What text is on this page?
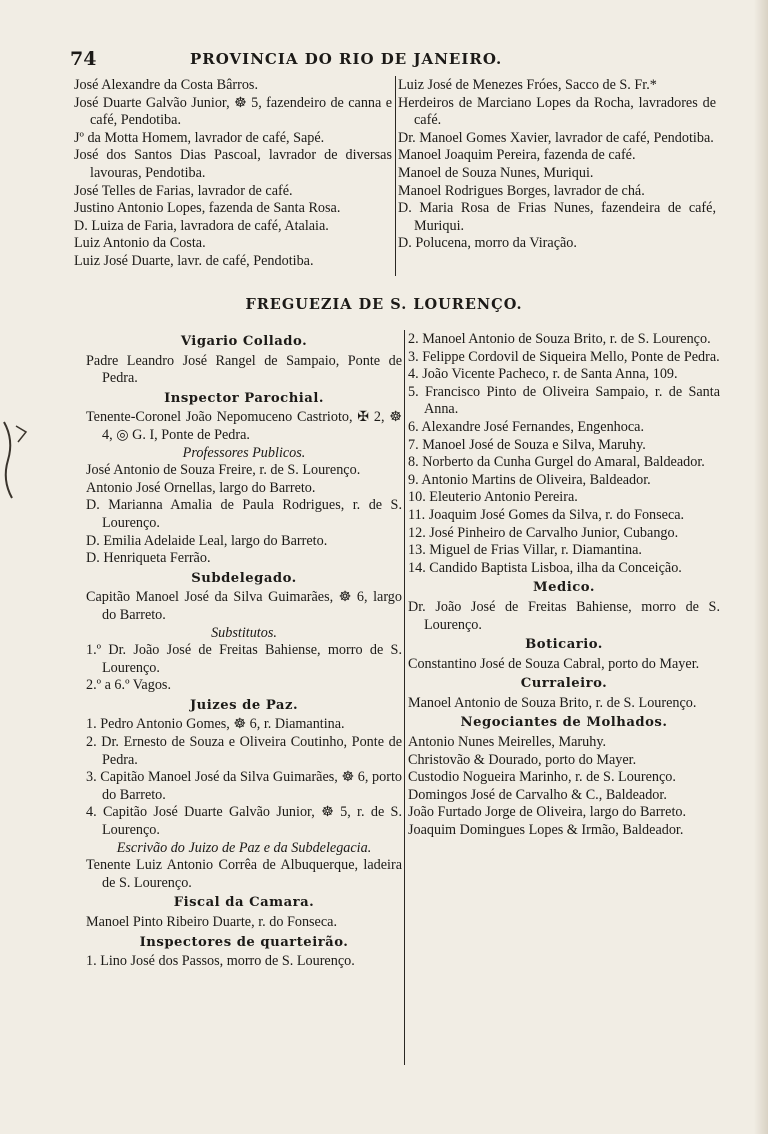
74	PROVINCIA DO RIO DE JANEIRO.

José Alexandre da Costa Bârros.

José Duarte Galvão Junior, ☸ 5, fazendeiro de canna e café, Pendotiba.

Jº da Motta Homem, lavrador de café, Sapé.

José dos Santos Dias Pascoal, lavrador de diversas lavouras, Pendotiba.

José Telles de Farias, lavrador de café.

Justino Antonio Lopes, fazenda de Santa Rosa.

D. Luiza de Faria, lavradora de café, Atalaia.

Luiz Antonio da Costa.

Luiz José Duarte, lavr. de café, Pendotiba.

Luiz José de Menezes Fróes, Sacco de S. Fr.*

Herdeiros de Marciano Lopes da Rocha, lavradores de café.

Dr. Manoel Gomes Xavier, lavrador de café, Pendotiba.

Manoel Joaquim Pereira, fazenda de café.

Manoel de Souza Nunes, Muriqui.

Manoel Rodrigues Borges, lavrador de chá.

D. Maria Rosa de Frias Nunes, fazendeira de café, Muriqui.

D. Polucena, morro da Viração.

FREGUEZIA DE S. LOURENÇO.

Vigario Collado.

Padre Leandro José Rangel de Sampaio, Ponte de Pedra.

Inspector Parochial.

Tenente-Coronel João Nepomuceno Castrioto, ✠ 2, ☸ 4, ◎ G. I, Ponte de Pedra.

Professores Publicos.

José Antonio de Souza Freire, r. de S. Lourenço.

Antonio José Ornellas, largo do Barreto.

D. Marianna Amalia de Paula Rodrigues, r. de S. Lourenço.

D. Emilia Adelaide Leal, largo do Barreto.

D. Henriqueta Ferrão.

Subdelegado.

Capitão Manoel José da Silva Guimarães, ☸ 6, largo do Barreto.

Substitutos.

1.º Dr. João José de Freitas Bahiense, morro de S. Lourenço.

2.º a 6.º Vagos.

Juizes de Paz.

1. Pedro Antonio Gomes, ☸ 6, r. Diamantina.

2. Dr. Ernesto de Souza e Oliveira Coutinho, Ponte de Pedra.

3. Capitão Manoel José da Silva Guimarães, ☸ 6, porto do Barreto.

4. Capitão José Duarte Galvão Junior, ☸ 5, r. de S. Lourenço.

Escrivão do Juizo de Paz e da Subdelegacia.

Tenente Luiz Antonio Corrêa de Albuquerque, ladeira de S. Lourenço.

Fiscal da Camara.

Manoel Pinto Ribeiro Duarte, r. do Fonseca.

Inspectores de quarteirão.

1. Lino José dos Passos, morro de S. Lourenço.

2. Manoel Antonio de Souza Brito, r. de S. Lourenço.

3. Felippe Cordovil de Siqueira Mello, Ponte de Pedra.

4. João Vicente Pacheco, r. de Santa Anna, 109.

5. Francisco Pinto de Oliveira Sampaio, r. de Santa Anna.

6. Alexandre José Fernandes, Engenhoca.

7. Manoel José de Souza e Silva, Maruhy.

8. Norberto da Cunha Gurgel do Amaral, Baldeador.

9. Antonio Martins de Oliveira, Baldeador.

10. Eleuterio Antonio Pereira.

11. Joaquim José Gomes da Silva, r. do Fonseca.

12. José Pinheiro de Carvalho Junior, Cubango.

13. Miguel de Frias Villar, r. Diamantina.

14. Candido Baptista Lisboa, ilha da Conceição.

Medico.

Dr. João José de Freitas Bahiense, morro de S. Lourenço.

Boticario.

Constantino José de Souza Cabral, porto do Mayer.

Curraleiro.

Manoel Antonio de Souza Brito, r. de S. Lourenço.

Negociantes de Molhados.

Antonio Nunes Meirelles, Maruhy.

Christovão & Dourado, porto do Mayer.

Custodio Nogueira Marinho, r. de S. Lourenço.

Domingos José de Carvalho & C., Baldeador.

João Furtado Jorge de Oliveira, largo do Barreto.

Joaquim Domingues Lopes & Irmão, Baldeador.
